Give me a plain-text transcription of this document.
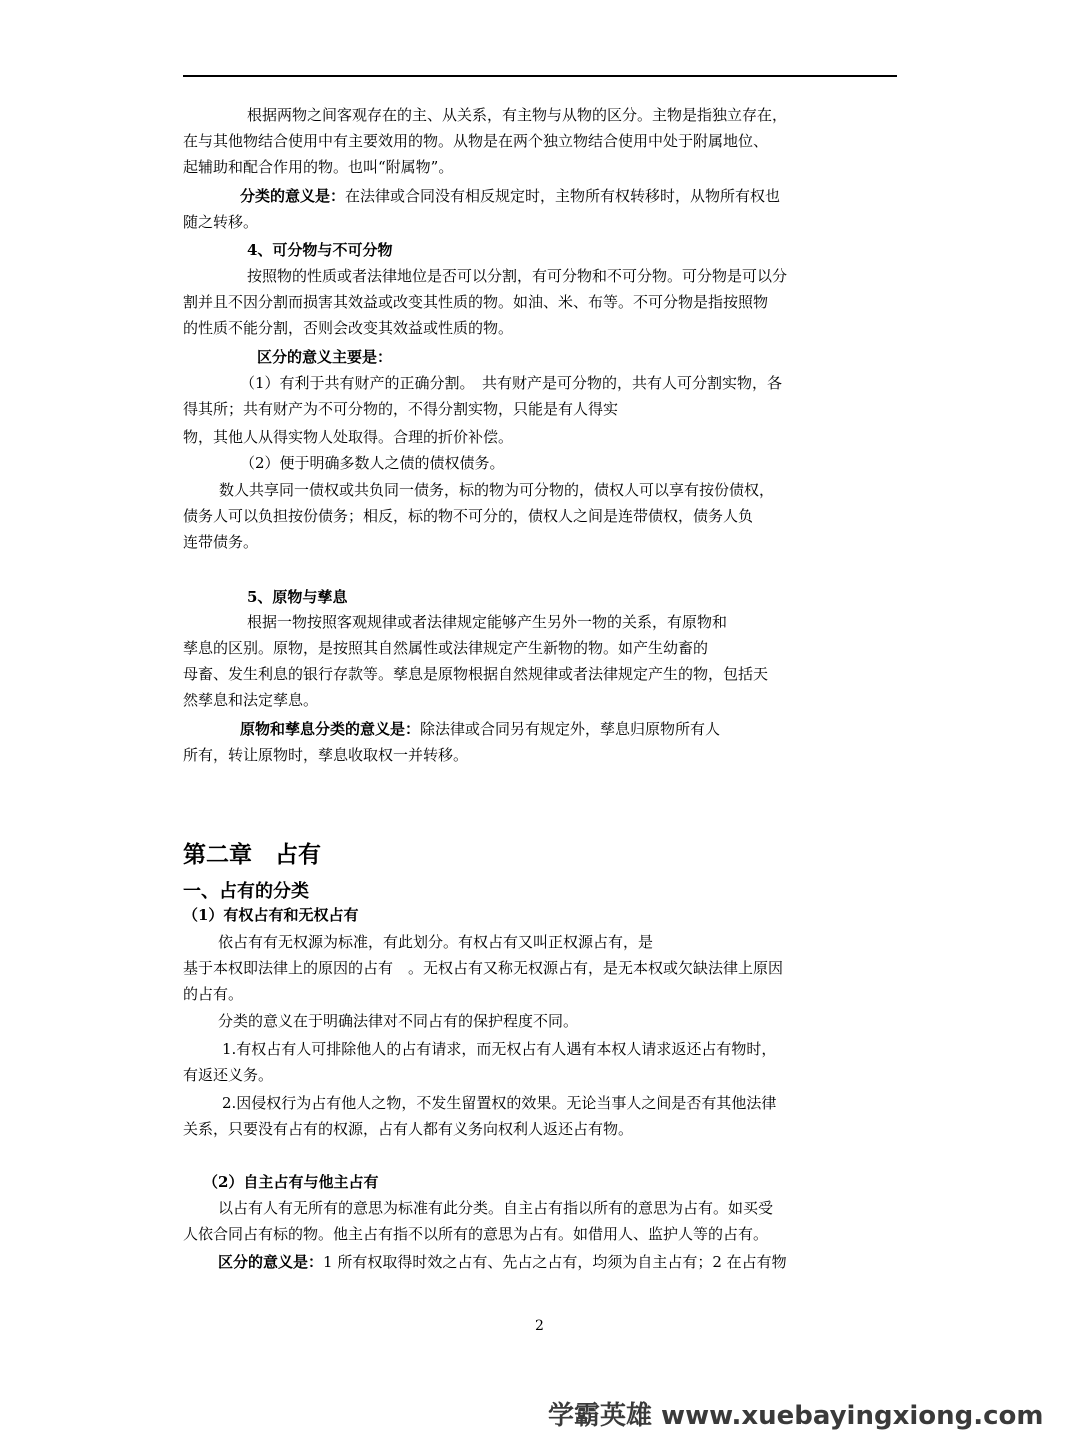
根据两物之间客观存在的主、从关系，有主物与从物的区分。主物是指独立存在，
在与其他物结合使用中有主要效用的物。从物是在两个独立物结合使用中处于附属地位、
起辅助和配合作用的物。也叫“附属物”。
分类的意义是：在法律或合同没有相反规定时，主物所有权转移时，从物所有权也
随之转移。
4、可分物与不可分物
按照物的性质或者法律地位是否可以分割，有可分物和不可分物。可分物是可以分
割并且不因分割而损害其效益或改变其性质的物。如油、米、布等。不可分物是指按照物
的性质不能分割，否则会改变其效益或性质的物。
区分的意义主要是：
（1）有利于共有财产的正确分割。　共有财产是可分物的，共有人可分割实物，各
得其所；共有财产为不可分物的，不得分割实物，只能是有人得实
物，其他人从得实物人处取得。合理的折价补偿。
（2）便于明确多数人之债的债权债务。
数人共享同一债权或共负同一债务，标的物为可分物的，债权人可以享有按份债权，
债务人可以负担按份债务；相反，标的物不可分的，债权人之间是连带债权，债务人负
连带债务。
5、原物与孳息
根据一物按照客观规律或者法律规定能够产生另外一物的关系，有原物和
孳息的区别。原物，是按照其自然属性或法律规定产生新物的物。如产生幼畜的
母畜、发生利息的银行存款等。孳息是原物根据自然规律或者法律规定产生的物，包括天
然孳息和法定孳息。
原物和孳息分类的意义是：除法律或合同另有规定外，孳息归原物所有人
所有，转让原物时，孳息收取权一并转移。
第二章　占有
一、占有的分类
（1）有权占有和无权占有
依占有有无权源为标准，有此划分。有权占有又叫正权源占有，是
基于本权即法律上的原因的占有　。无权占有又称无权源占有，是无本权或欠缺法律上原因
的占有。
分类的意义在于明确法律对不同占有的保护程度不同。
1.有权占有人可排除他人的占有请求，而无权占有人遇有本权人请求返还占有物时，
有返还义务。
2.因侵权行为占有他人之物，不发生留置权的效果。无论当事人之间是否有其他法律
关系，只要没有占有的权源，占有人都有义务向权利人返还占有物。
（2）自主占有与他主占有
以占有人有无所有的意思为标准有此分类。自主占有指以所有的意思为占有。如买受
人依合同占有标的物。他主占有指不以所有的意思为占有。如借用人、监护人等的占有。
区分的意义是：1 所有权取得时效之占有、先占之占有，均须为自主占有；2 在占有物
2
学霸英雄 www.xuebayingxiong.com
